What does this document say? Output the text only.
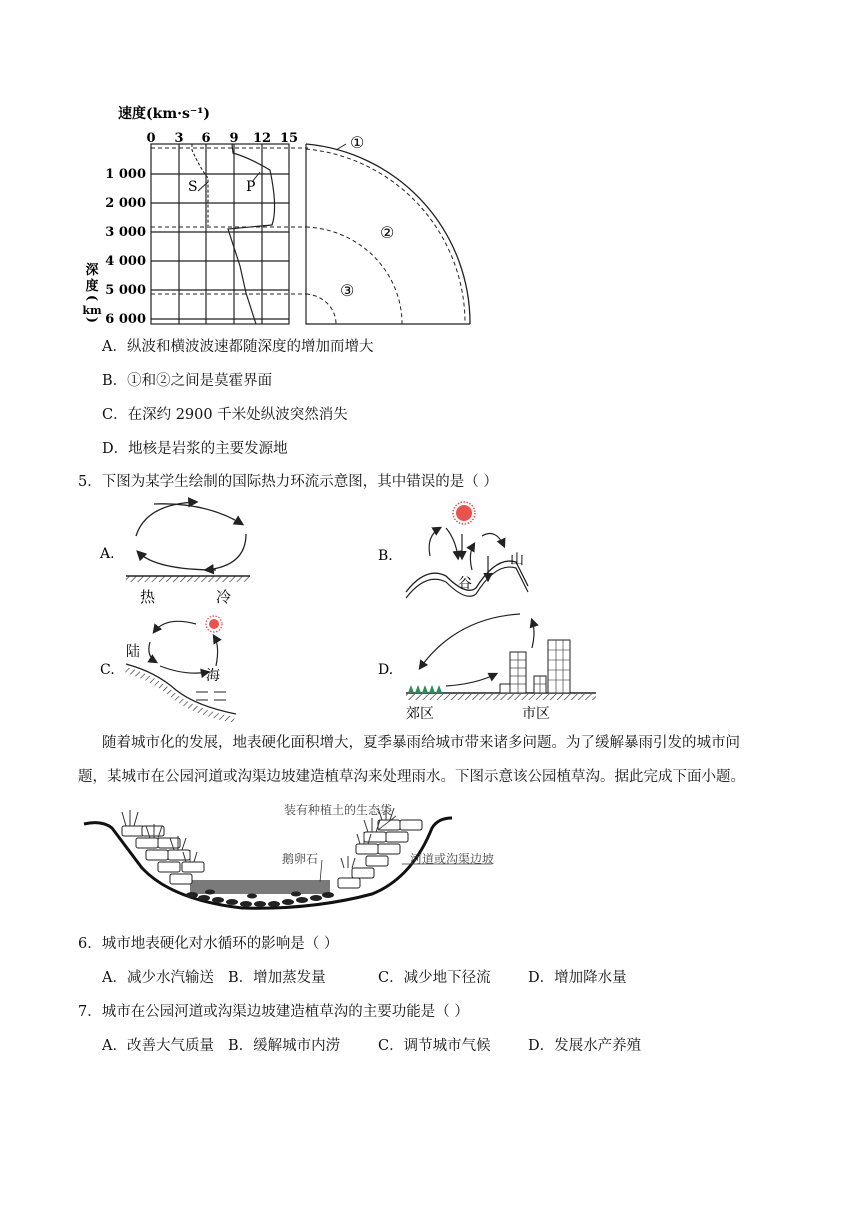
速度(km·s⁻¹)
0 3 6 9 12 15
1 000
2 000
3 000
4 000
5 000
6 000
深
度
(
km
)
S	P
①
②
③
A．纵波和横波波速都随深度的增加而增大
B．①和②之间是莫霍界面
C．在深约 2900 千米处纵波突然消失
D．地核是岩浆的主要发源地
5．下图为某学生绘制的国际热力环流示意图，其中错误的是（ ）
A.
热	冷
B.
谷
山
C.
陆
海	D.
郊区	市区
随着城市化的发展，地表硬化面积增大，夏季暴雨给城市带来诸多问题。为了缓解暴雨引发的城市问
题，某城市在公园河道或沟渠边坡建造植草沟来处理雨水。下图示意该公园植草沟。据此完成下面小题。
装有种植土的生态袋
鹅卵石	河道或沟渠边坡
6．城市地表硬化对水循环的影响是（ ）
A．减少水汽输送 B．增加蒸发量	C．减少地下径流	D．增加降水量
7．城市在公园河道或沟渠边坡建造植草沟的主要功能是（ ）
A．改善大气质量 B．缓解城市内涝	C．调节城市气候	D．发展水产养殖
